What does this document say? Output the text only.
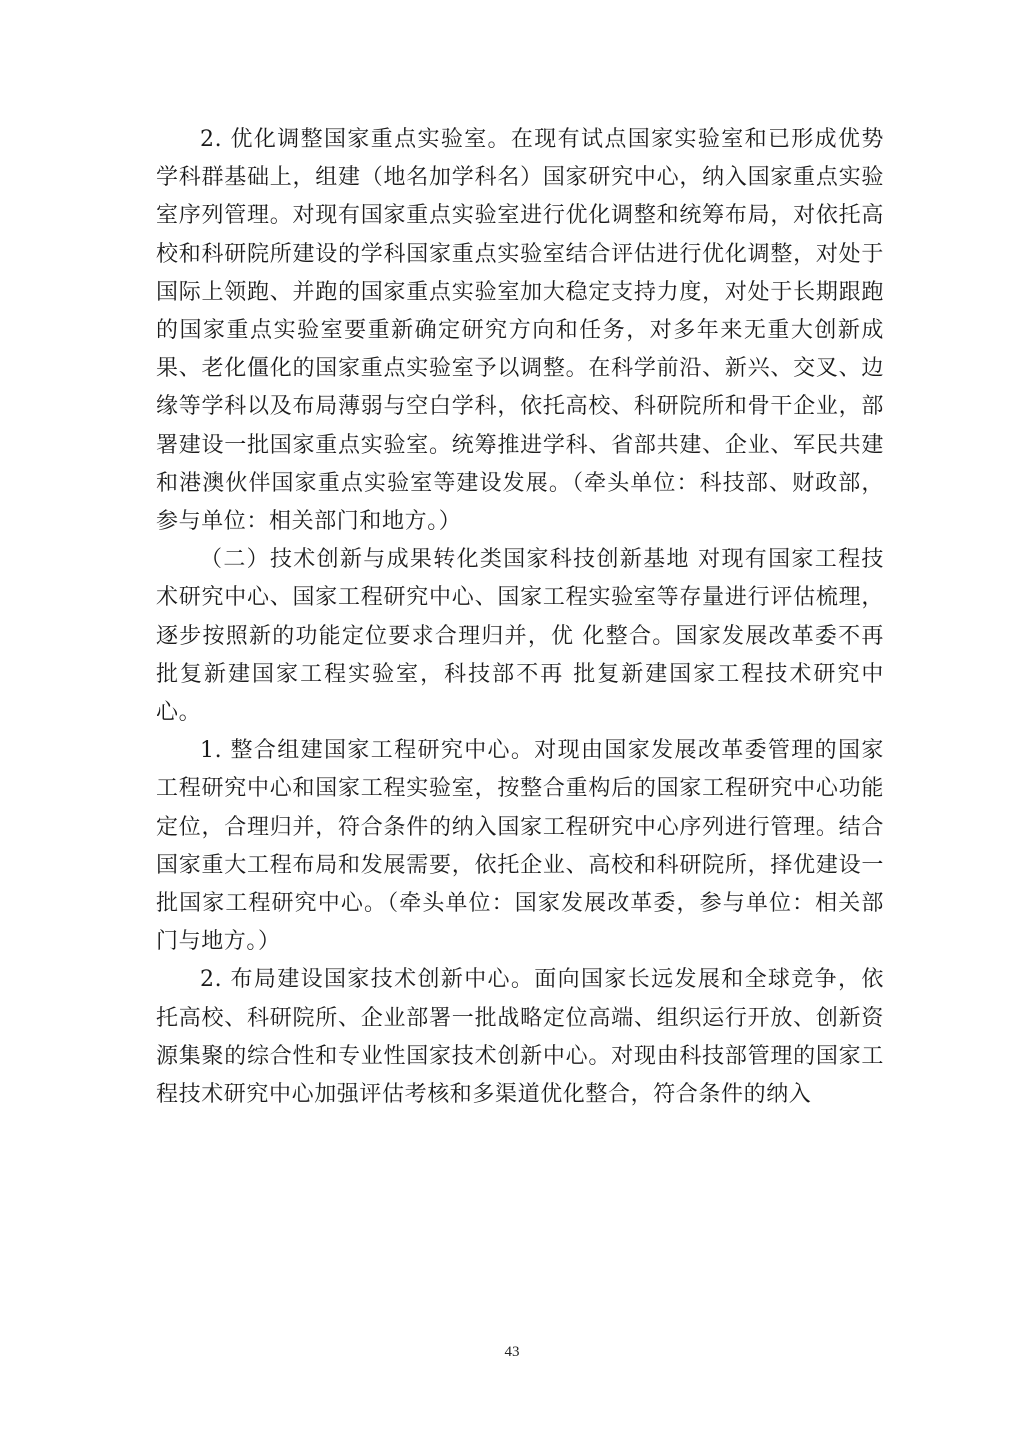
2. 优化调整国家重点实验室。在现有试点国家实验室和已形成优势学科群基础上，组建（地名加学科名）国家研究中心，纳入国家重点实验室序列管理。对现有国家重点实验室进行优化调整和统筹布局，对依托高校和科研院所建设的学科国家重点实验室结合评估进行优化调整，对处于国际上领跑、并跑的国家重点实验室加大稳定支持力度，对处于长期跟跑的国家重点实验室要重新确定研究方向和任务，对多年来无重大创新成果、老化僵化的国家重点实验室予以调整。在科学前沿、新兴、交叉、边缘等学科以及布局薄弱与空白学科，依托高校、科研院所和骨干企业，部署建设一批国家重点实验室。统筹推进学科、省部共建、企业、军民共建和港澳伙伴国家重点实验室等建设发展。（牵头单位：科技部、财政部，参与单位：相关部门和地方。）

（二）技术创新与成果转化类国家科技创新基地 对现有国家工程技术研究中心、国家工程研究中心、国家工程实验室等存量进行评估梳理，逐步按照新的功能定位要求合理归并，优 化整合。国家发展改革委不再批复新建国家工程实验室，科技部不再 批复新建国家工程技术研究中心。

1. 整合组建国家工程研究中心。对现由国家发展改革委管理的国家工程研究中心和国家工程实验室，按整合重构后的国家工程研究中心功能定位，合理归并，符合条件的纳入国家工程研究中心序列进行管理。结合国家重大工程布局和发展需要，依托企业、高校和科研院所，择优建设一批国家工程研究中心。（牵头单位：国家发展改革委，参与单位：相关部门与地方。）

2. 布局建设国家技术创新中心。面向国家长远发展和全球竞争，依托高校、科研院所、企业部署一批战略定位高端、组织运行开放、创新资源集聚的综合性和专业性国家技术创新中心。对现由科技部管理的国家工程技术研究中心加强评估考核和多渠道优化整合，符合条件的纳入

43
